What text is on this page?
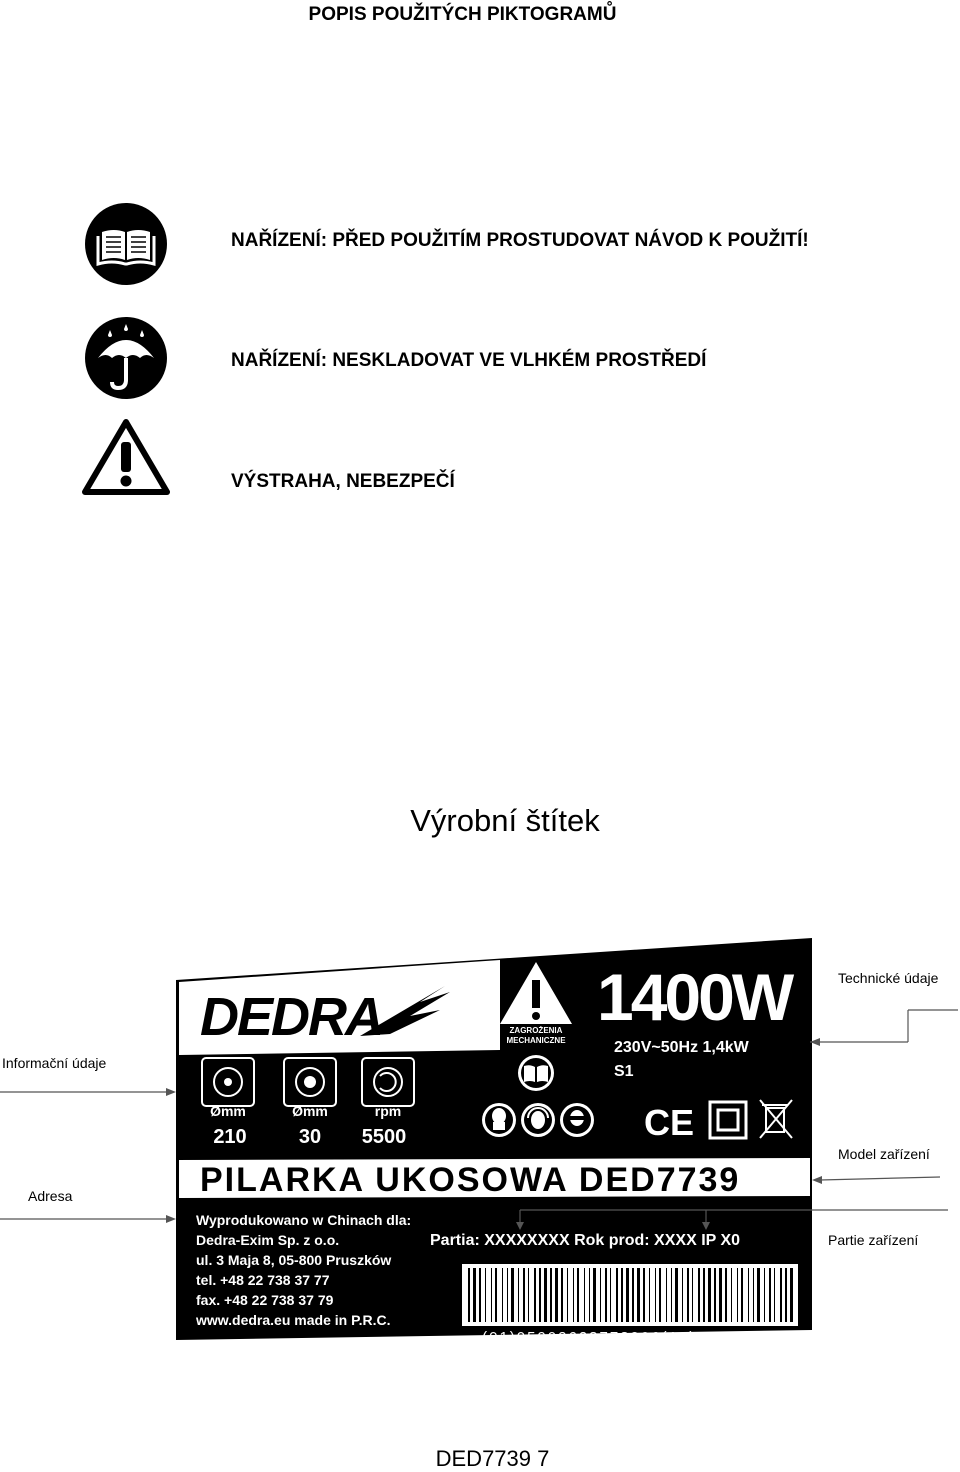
POPIS POUŽITÝCH PIKTOGRAMŮ
NAŘÍZENÍ: PŘED POUŽITÍM PROSTUDOVAT NÁVOD K POUŽITÍ!
NAŘÍZENÍ: NESKLADOVAT VE VLHKÉM PROSTŘEDÍ
VÝSTRAHA, NEBEZPEČÍ
Výrobní štítek
DEDRA	ZAGROŻENIA
MECHANICZNE
1400W
230V~50Hz 1,4kW
S1
Ømm	Ømm	rpm
210	30 5500	CE
PILARKA UKOSOWA DED7739
Wyprodukowano w Chinach dla:
Dedra-Exim Sp. z o.o.
ul. 3 Maja 8, 05-800 Pruszków
tel. +48 22 738 37 77
fax. +48 22 738 37 79
www.dedra.eu made in P.R.C.
Partia: XXXXXXXX Rok prod: XXXX IP X0
(01)05902628773906(10)11300343
Technické údaje
Informační údaje
Model zařízení
Adresa
Partie zařízení
DED7739 7
